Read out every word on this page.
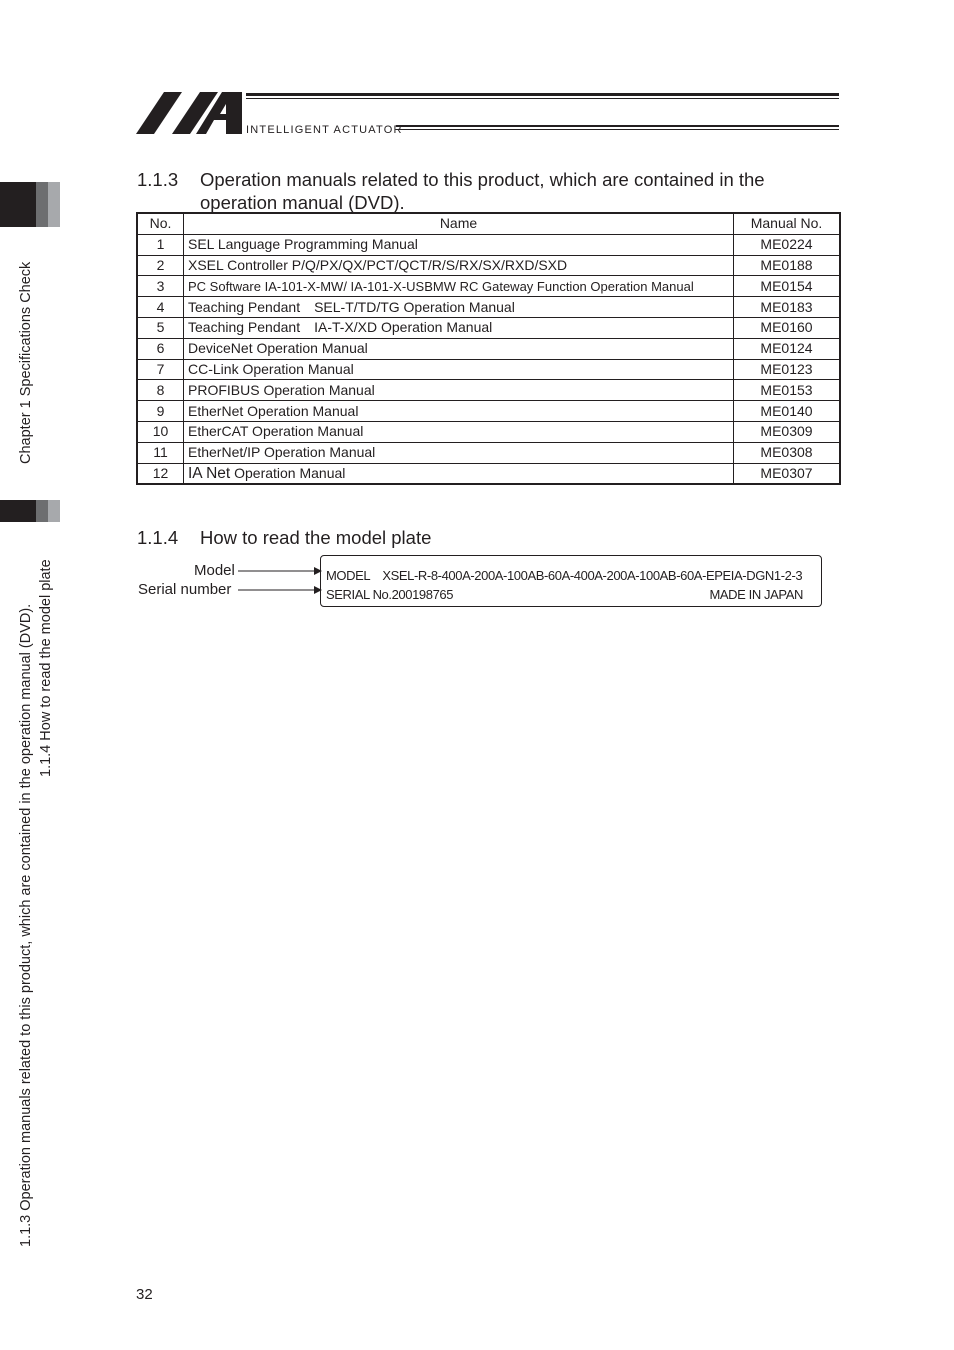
INTELLIGENT ACTUATOR
Chapter 1 Specifications Check
1.1.3 Operation manuals related to this product, which are contained in the operation manual (DVD). 1.1.4 How to read the model plate
1.1.3 Operation manuals related to this product, which are contained in the operation manual (DVD).
No.	Name	Manual No.
1	SEL Language Programming Manual	ME0224
2	XSEL Controller P/Q/PX/QX/PCT/QCT/R/S/RX/SX/RXD/SXD	ME0188
3	PC Software IA-101-X-MW/ IA-101-X-USBMW RC Gateway Function Operation Manual	ME0154
4	Teaching Pendant　SEL-T/TD/TG Operation Manual	ME0183
5	Teaching Pendant　IA-T-X/XD Operation Manual	ME0160
6	DeviceNet Operation Manual	ME0124
7	CC-Link Operation Manual	ME0123
8	PROFIBUS Operation Manual	ME0153
9	EtherNet Operation Manual	ME0140
10	EtherCAT Operation Manual	ME0309
11	EtherNet/IP Operation Manual	ME0308
12	IA Net Operation Manual	ME0307
1.1.4 How to read the model plate
Model
Serial number
MODEL　XSEL-R-8-400A-200A-100AB-60A-400A-200A-100AB-60A-EPEIA-DGN1-2-3
SERIAL No.200198765	MADE IN JAPAN
32
